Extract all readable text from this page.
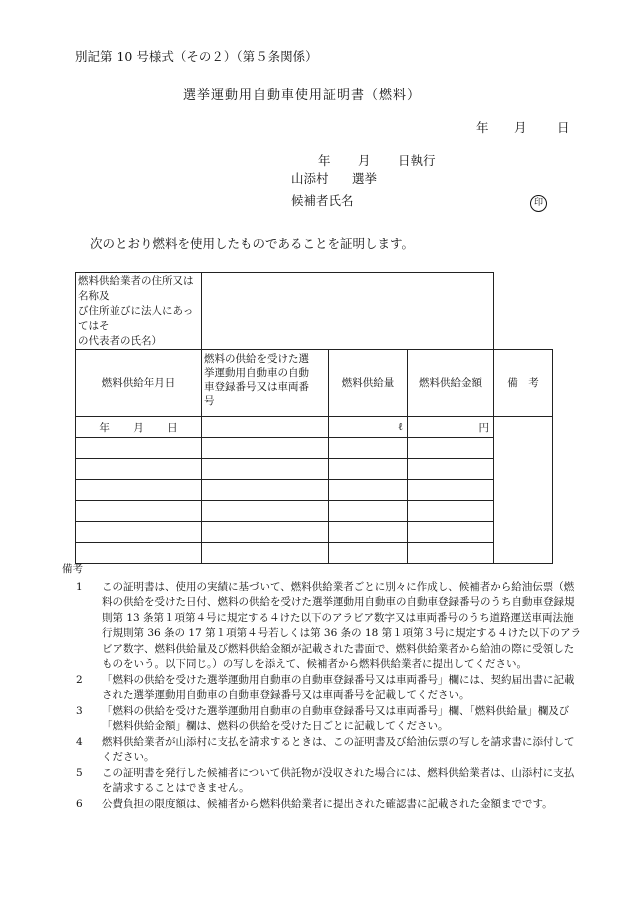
別記第 10 号様式（その２）（第５条関係）
選挙運動用自動車使用証明書（燃料）
年 月 日
年 月 日執行
山添村 選挙
候補者氏名	印
次のとおり燃料を使用したものであることを証明します。
燃料供給業者の住所又は名称及
び住所並びに法人にあってはそ
の代表者の氏名）				

燃料供給年月日	燃料の供給を受けた選
挙運動用自動車の自動
車登録番号又は車両番
号	燃料供給量	燃料供給金額	備　考
年 月 日		ℓ	円	

備考
1 この証明書は、使用の実績に基づいて、燃料供給業者ごとに別々に作成し、候補者から給油伝票（燃料の供給を受けた日付、燃料の供給を受けた選挙運動用自動車の自動車登録番号のうち自動車登録規則第 13 条第１項第４号に規定する４けた以下のアラビア数字又は車両番号のうち道路運送車両法施行規則第 36 条の 17 第１項第４号若しくは第 36 条の 18 第１項第３号に規定する４けた以下のアラビア数字、燃料供給量及び燃料供給金額が記載された書面で、燃料供給業者から給油の際に受領したものをいう。以下同じ。）の写しを添えて、候補者から燃料供給業者に提出してください。
2 「燃料の供給を受けた選挙運動用自動車の自動車登録番号又は車両番号」欄には、契約届出書に記載された選挙運動用自動車の自動車登録番号又は車両番号を記載してください。
3 「燃料の供給を受けた選挙運動用自動車の自動車登録番号又は車両番号」欄、「燃料供給量」欄及び「燃料供給金額」欄は、燃料の供給を受けた日ごとに記載してください。
4 燃料供給業者が山添村に支払を請求するときは、この証明書及び給油伝票の写しを請求書に添付してください。
5 この証明書を発行した候補者について供託物が没収された場合には、燃料供給業者は、山添村に支払を請求することはできません。
6 公費負担の限度額は、候補者から燃料供給業者に提出された確認書に記載された金額までです。
